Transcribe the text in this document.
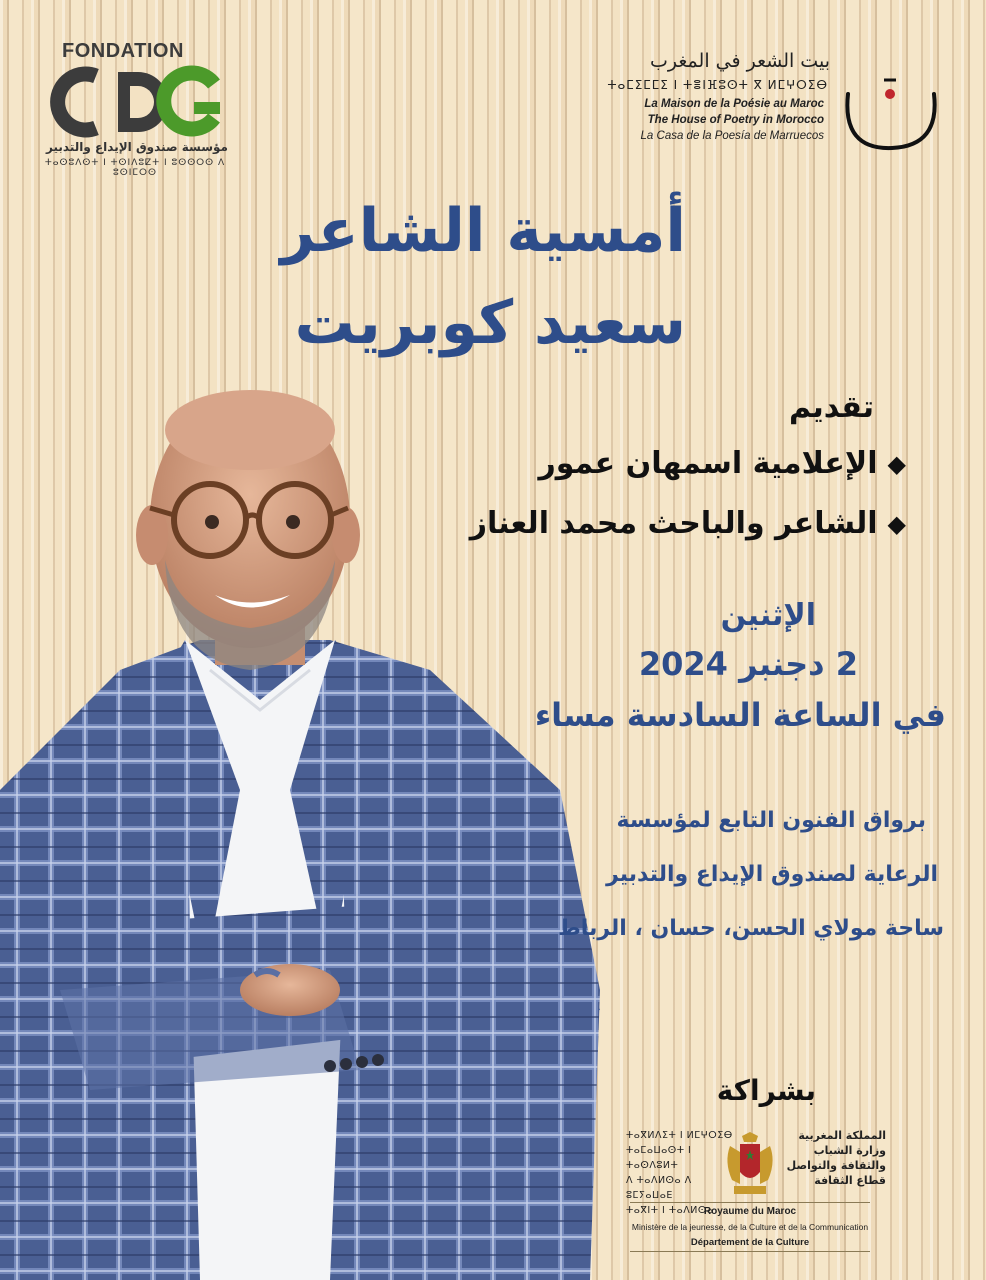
FONDATION
مؤسسة صندوق الإيداع والتدبير
ⵜⴰⵙⵓⴷⵙⵜ ⵏ ⵜⵙⵏⴷⵓⵇⵜ ⵏ ⵓⵙⵙⵔⵙ ⴷ ⵓⵙⵏⵎⵔⵙ
بيت الشعر في المغرب
ⵜⴰⵎⵉⵎⵎⵉ ⵏ ⵜⴻⵏⴼⵓⵙⵜ ⴳ ⵍⵎⵖⵔⵉⴱ
La Maison de la Poésie au Maroc
The House of Poetry in Morocco
La Casa de la Poesía de Marruecos
أمسية الشاعر
سعيد كوبريت
تقديم
◆
الإعلامية اسمهان عمور
◆
الشاعر والباحث محمد العناز
الإثنين
2 دجنبر 2024
في الساعة السادسة مساء
برواق الفنون التابع لمؤسسة
الرعاية لصندوق الإيداع والتدبير
ساحة مولاي الحسن، حسان ، الرباط
بشراكة
ⵜⴰⴳⵍⴷⵉⵜ ⵏ ⵍⵎⵖⵔⵉⴱ
ⵜⴰⵎⴰⵡⴰⵙⵜ ⵏ ⵜⴰⵙⴷⵓⵍⵜ
ⴷ ⵜⴰⴷⵍⵙⴰ ⴷ ⵓⵎⵢⴰⵡⴰⴹ
ⵜⴰⴳⵏⵜ ⵏ ⵜⴰⴷⵍⵙⴰ
المملكة المغربية
وزارة الشباب
والثقافة والتواصل
قطاع الثقافة
Royaume du Maroc
Ministère de la jeunesse, de la Culture et de la Communication
Département de la Culture
